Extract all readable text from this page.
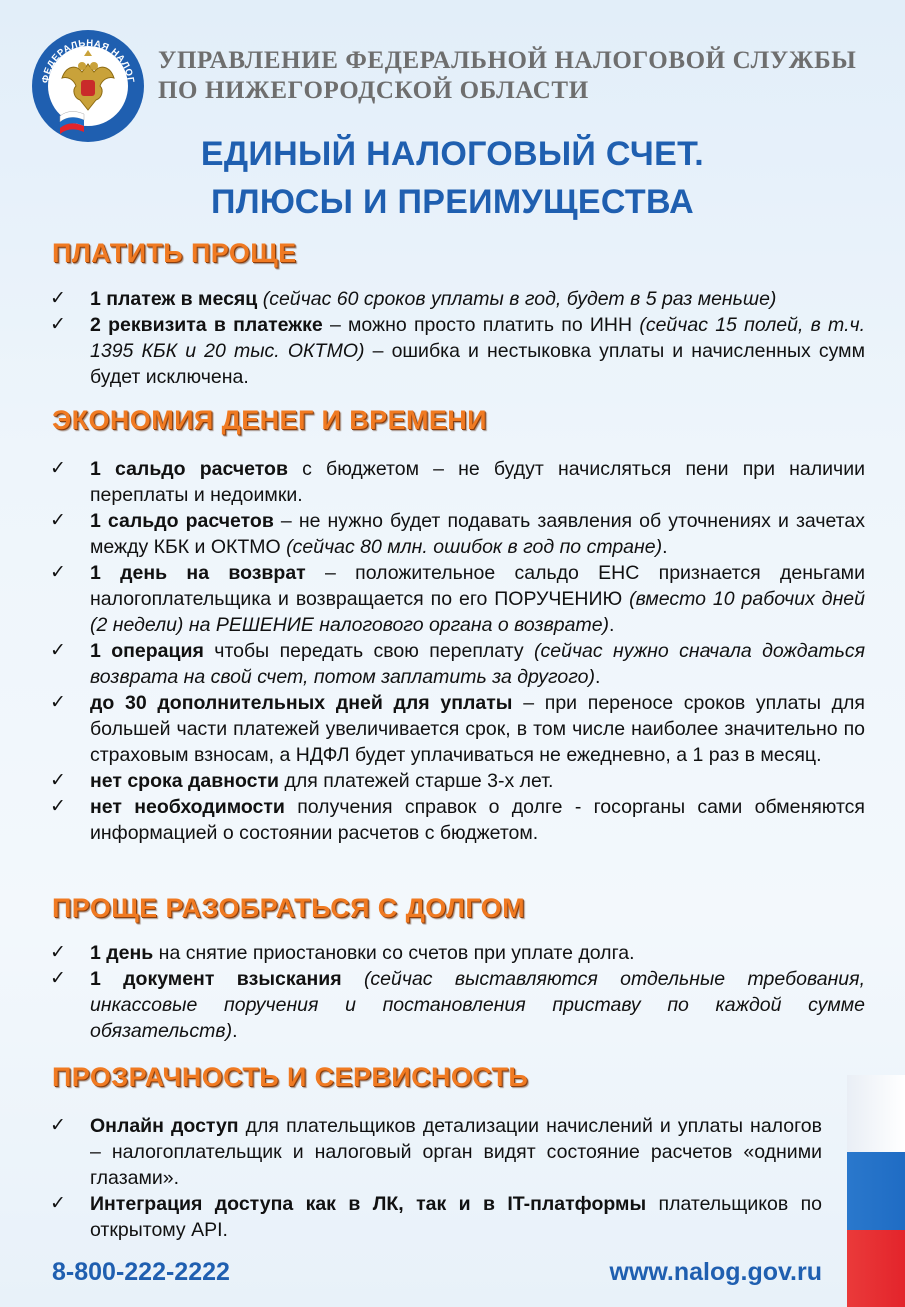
ФЕДЕРАЛЬНАЯ НАЛОГ
УПРАВЛЕНИЕ ФЕДЕРАЛЬНОЙ НАЛОГОВОЙ СЛУЖБЫ
ПО НИЖЕГОРОДСКОЙ ОБЛАСТИ
ЕДИНЫЙ НАЛОГОВЫЙ СЧЕТ.
ПЛЮСЫ И ПРЕИМУЩЕСТВА
ПЛАТИТЬ ПРОЩЕ
✓ 1 платеж в месяц (сейчас 60 сроков уплаты в год, будет в 5 раз меньше)
✓ 2 реквизита в платежке – можно просто платить по ИНН (сейчас 15 полей, в т.ч. 1395 КБК и 20 тыс. ОКТМО) – ошибка и нестыковка уплаты и начисленных сумм будет исключена.
ЭКОНОМИЯ ДЕНЕГ И ВРЕМЕНИ
✓ 1 сальдо расчетов с бюджетом – не будут начисляться пени при наличии переплаты и недоимки.
✓ 1 сальдо расчетов – не нужно будет подавать заявления об уточнениях и зачетах между КБК и ОКТМО (сейчас 80 млн. ошибок в год по стране).
✓ 1 день на возврат – положительное сальдо ЕНС признается деньгами налогоплательщика и возвращается по его ПОРУЧЕНИЮ (вместо 10 рабочих дней (2 недели) на РЕШЕНИЕ налогового органа о возврате).
✓ 1 операция чтобы передать свою переплату (сейчас нужно сначала дождаться возврата на свой счет, потом заплатить за другого).
✓ до 30 дополнительных дней для уплаты – при переносе сроков уплаты для большей части платежей увеличивается срок, в том числе наиболее значительно по страховым взносам, а НДФЛ будет уплачиваться не ежедневно, а 1 раз в месяц.
✓ нет срока давности для платежей старше 3-х лет.
✓ нет необходимости получения справок о долге - госорганы сами обменяются информацией о состоянии расчетов с бюджетом.
ПРОЩЕ РАЗОБРАТЬСЯ С ДОЛГОМ
✓ 1 день на снятие приостановки со счетов при уплате долга.
✓ 1 документ взыскания (сейчас выставляются отдельные требования, инкассовые поручения и постановления приставу по каждой сумме обязательств).
ПРОЗРАЧНОСТЬ И СЕРВИСНОСТЬ
✓ Онлайн доступ для плательщиков детализации начислений и уплаты налогов – налогоплательщик и налоговый орган видят состояние расчетов «одними глазами».
✓ Интеграция доступа как в ЛК, так и в IT-платформы плательщиков по открытому API.
8-800-222-2222	www.nalog.gov.ru
